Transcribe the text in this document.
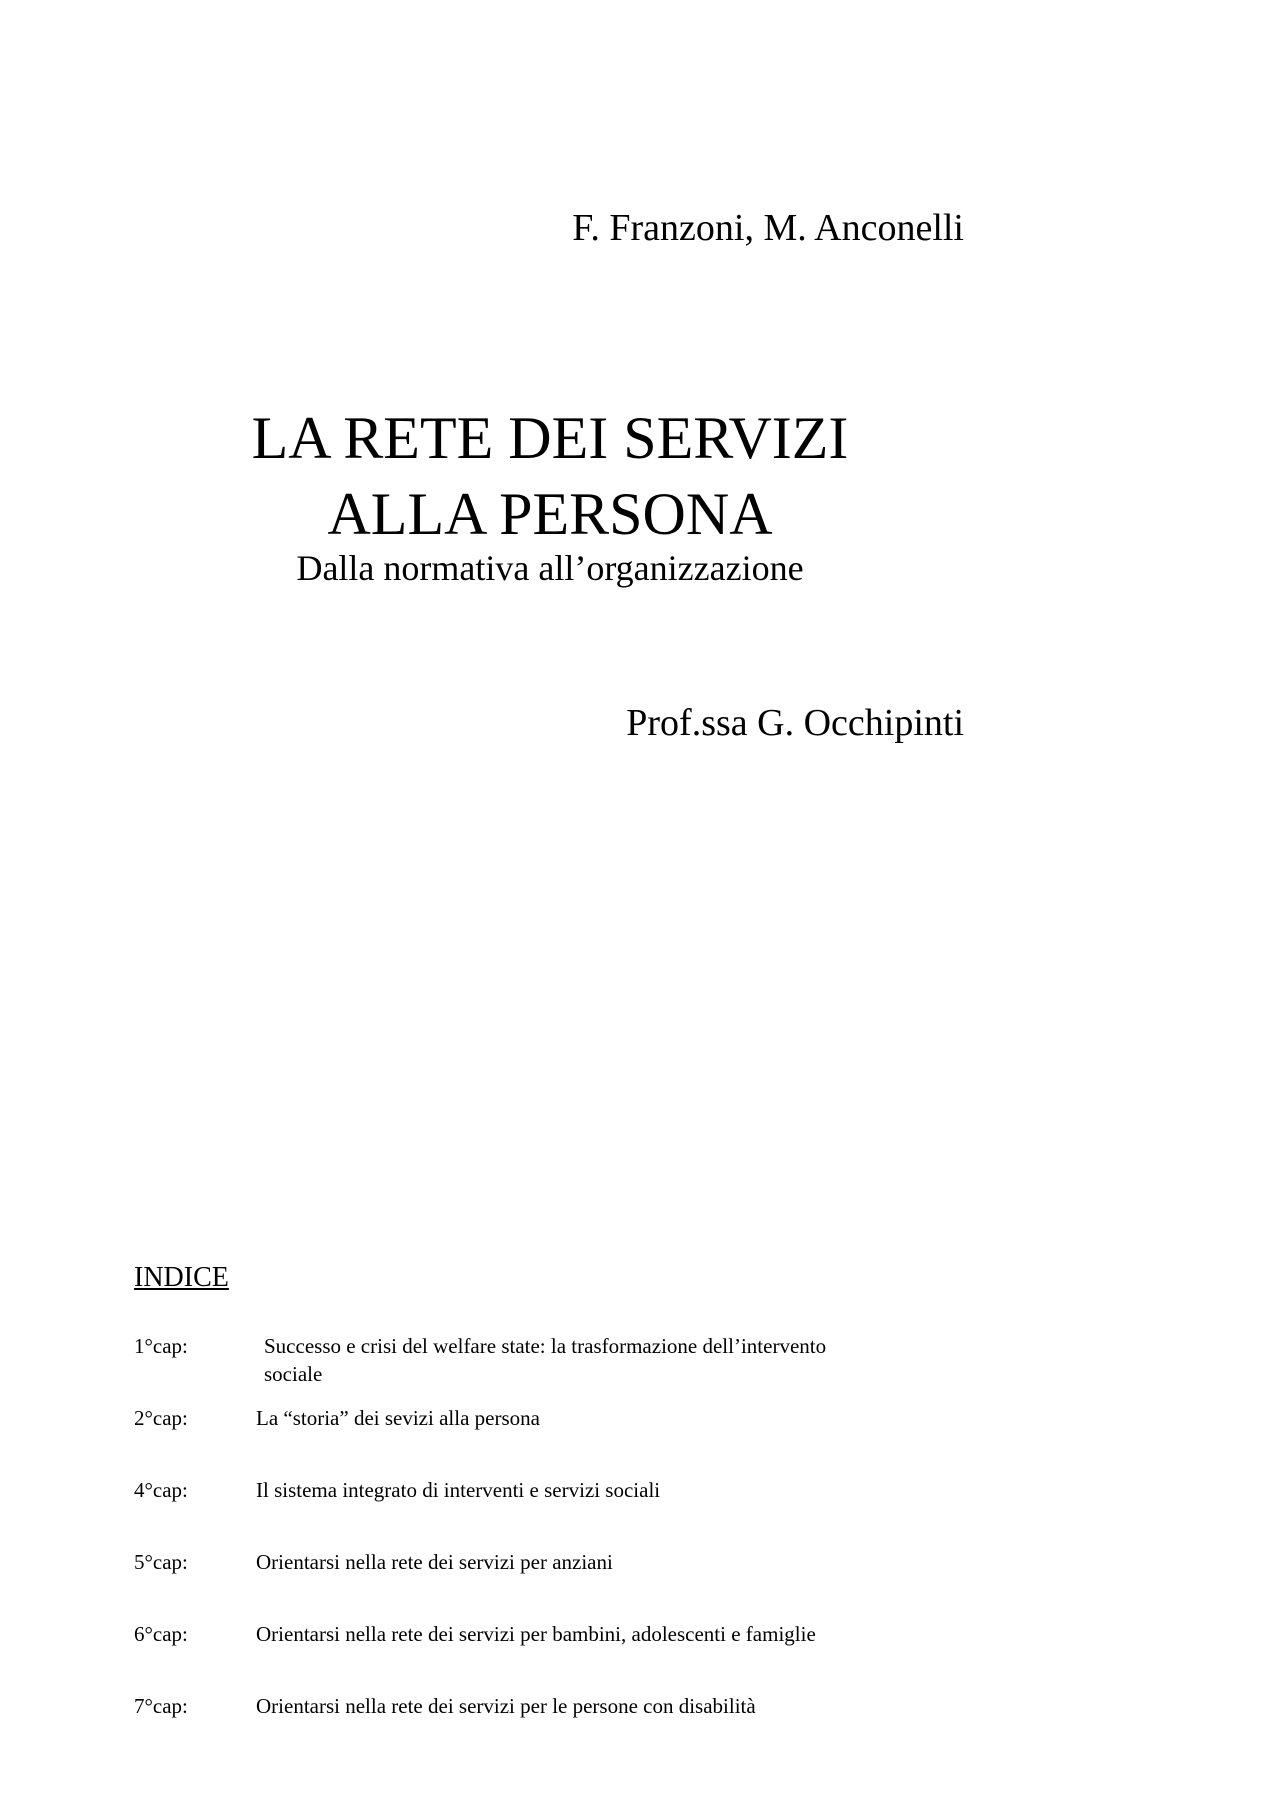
F. Franzoni, M. Anconelli
LA RETE DEI SERVIZI
ALLA PERSONA
Dalla normativa all’organizzazione
Prof.ssa G. Occhipinti
INDICE
1°cap:	Successo e crisi del welfare state: la trasformazione dell’intervento
sociale
2°cap:	La “storia” dei sevizi alla persona
4°cap:	Il sistema integrato di interventi e servizi sociali
5°cap:	Orientarsi nella rete dei servizi per anziani
6°cap:	Orientarsi nella rete dei servizi per bambini, adolescenti e famiglie
7°cap:	Orientarsi nella rete dei servizi per le persone con disabilità
